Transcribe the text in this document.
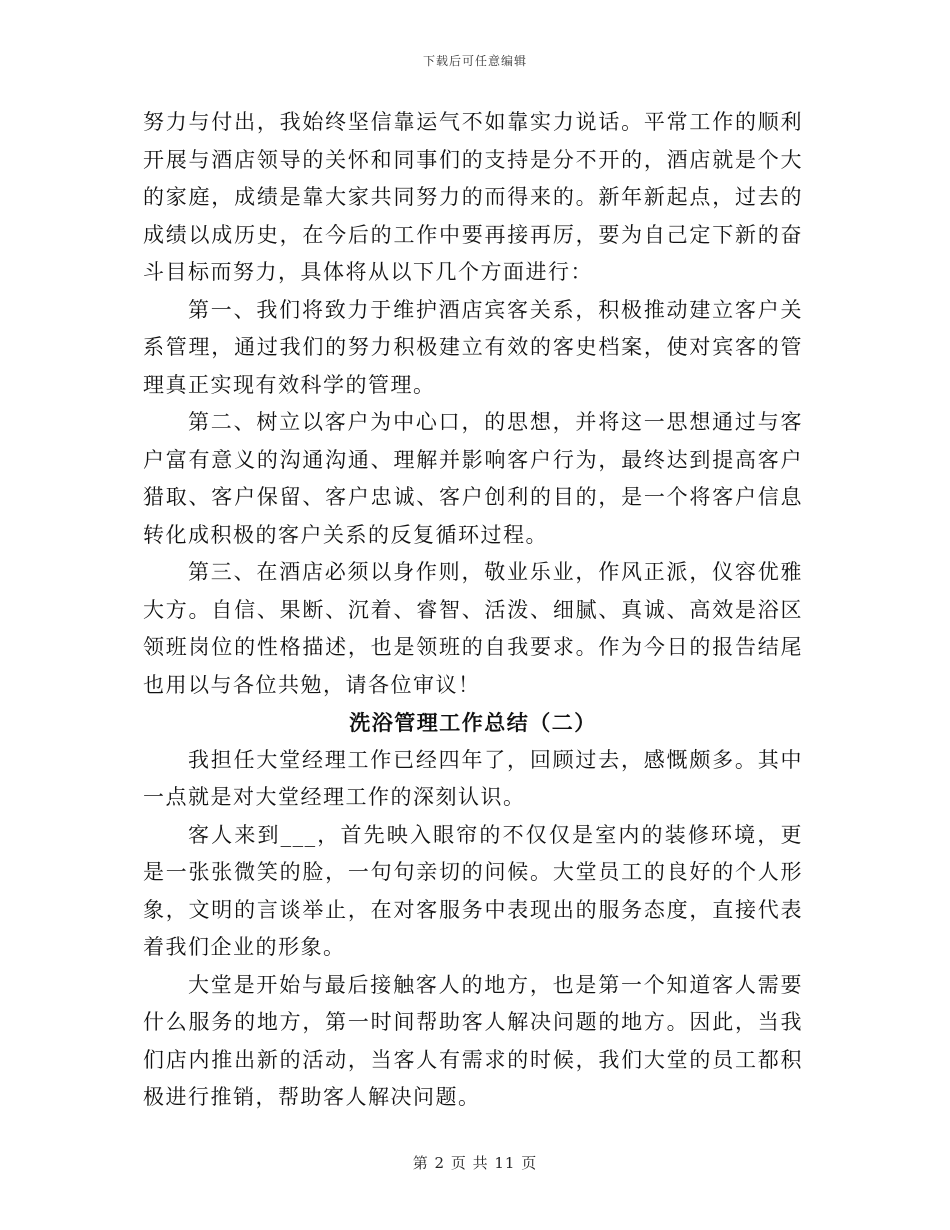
下载后可任意编辑

努力与付出，我始终坚信靠运气不如靠实力说话。平常工作的顺利开展与酒店领导的关怀和同事们的支持是分不开的，酒店就是个大的家庭，成绩是靠大家共同努力的而得来的。新年新起点，过去的成绩以成历史，在今后的工作中要再接再厉，要为自己定下新的奋斗目标而努力，具体将从以下几个方面进行：

第一、我们将致力于维护酒店宾客关系，积极推动建立客户关系管理，通过我们的努力积极建立有效的客史档案，使对宾客的管理真正实现有效科学的管理。

第二、树立以客户为中心口，的思想，并将这一思想通过与客户富有意义的沟通沟通、理解并影响客户行为，最终达到提高客户猎取、客户保留、客户忠诚、客户创利的目的，是一个将客户信息转化成积极的客户关系的反复循环过程。

第三、在酒店必须以身作则，敬业乐业，作风正派，仪容优雅大方。自信、果断、沉着、睿智、活泼、细腻、真诚、高效是浴区领班岗位的性格描述，也是领班的自我要求。作为今日的报告结尾也用以与各位共勉，请各位审议！

洗浴管理工作总结（二）

我担任大堂经理工作已经四年了，回顾过去，感慨颇多。其中一点就是对大堂经理工作的深刻认识。

客人来到___，首先映入眼帘的不仅仅是室内的装修环境，更是一张张微笑的脸，一句句亲切的问候。大堂员工的良好的个人形象，文明的言谈举止，在对客服务中表现出的服务态度，直接代表着我们企业的形象。

大堂是开始与最后接触客人的地方，也是第一个知道客人需要什么服务的地方，第一时间帮助客人解决问题的地方。因此，当我们店内推出新的活动，当客人有需求的时候，我们大堂的员工都积极进行推销，帮助客人解决问题。

第 2 页 共 11 页
